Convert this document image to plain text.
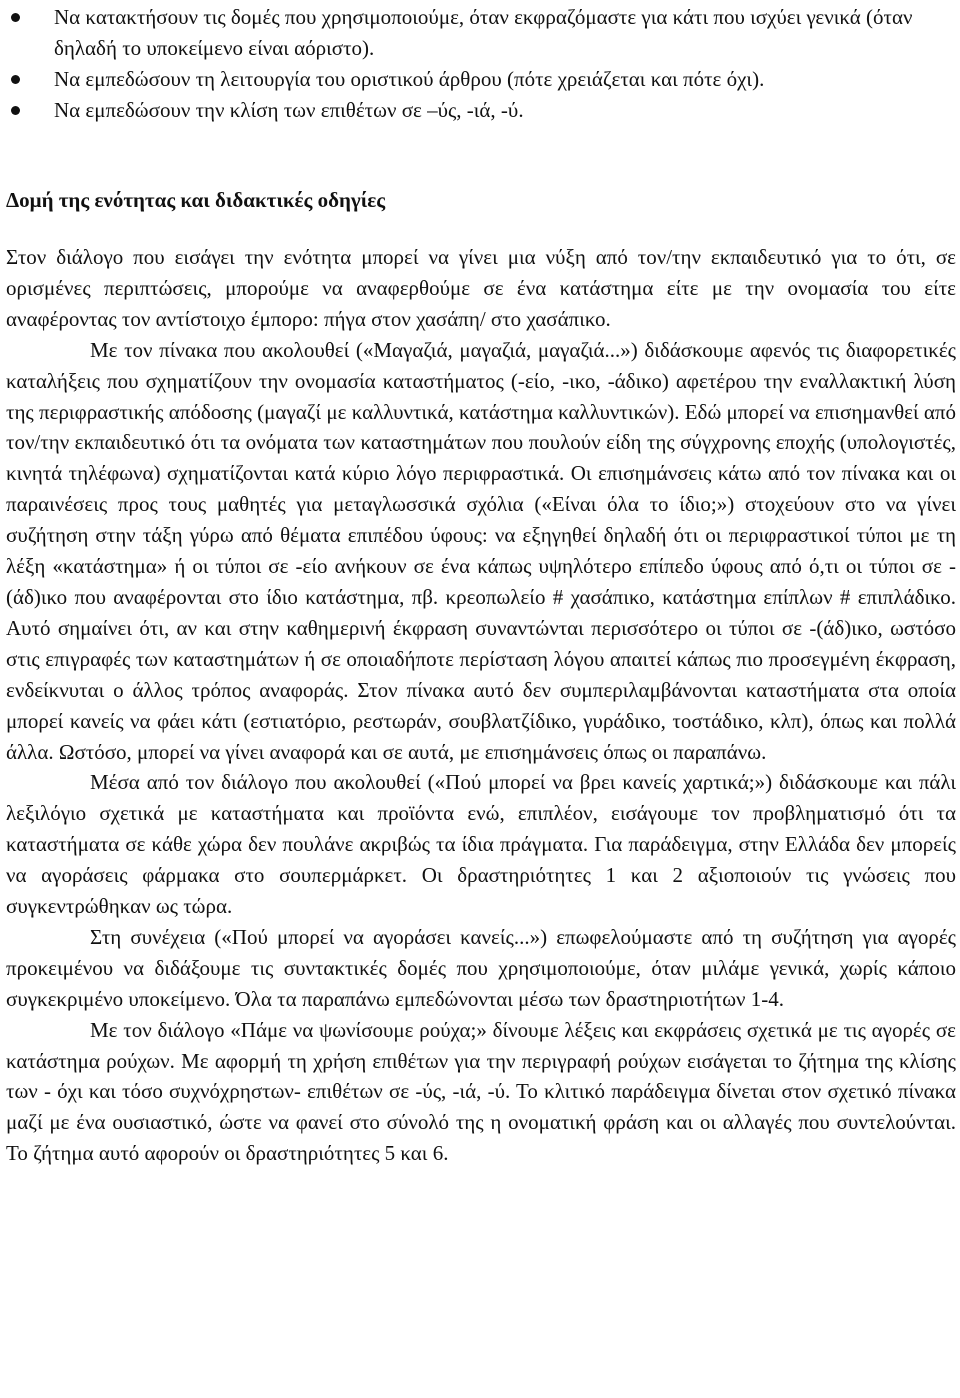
Να κατακτήσουν τις δομές που χρησιμοποιούμε, όταν εκφραζόμαστε για κάτι που ισχύει γενικά (όταν δηλαδή το υποκείμενο είναι αόριστο).
Να εμπεδώσουν τη λειτουργία του οριστικού άρθρου (πότε χρειάζεται και πότε όχι).
Να εμπεδώσουν την κλίση των επιθέτων σε –ύς, -ιά, -ύ.
Δομή της ενότητας και διδακτικές οδηγίες

Στον διάλογο που εισάγει την ενότητα μπορεί να γίνει μια νύξη από τον/την εκπαιδευτικό για το ότι, σε ορισμένες περιπτώσεις, μπορούμε να αναφερθούμε σε ένα κατάστημα είτε με την ονομασία του είτε αναφέροντας τον αντίστοιχο έμπορο: πήγα στον χασάπη/ στο χασάπικο.

Με τον πίνακα που ακολουθεί («Μαγαζιά, μαγαζιά, μαγαζιά...») διδάσκουμε αφενός τις διαφορετικές καταλήξεις που σχηματίζουν την ονομασία καταστήματος (-είο, -ικο, -άδικο) αφετέρου την εναλλακτική λύση της περιφραστικής απόδοσης (μαγαζί με καλλυντικά, κατάστημα καλλυντικών). Εδώ μπορεί να επισημανθεί από τον/την εκπαιδευτικό ότι τα ονόματα των καταστημάτων που πουλούν είδη της σύγχρονης εποχής (υπολογιστές, κινητά τηλέφωνα) σχηματίζονται κατά κύριο λόγο περιφραστικά. Οι επισημάνσεις κάτω από τον πίνακα και οι παραινέσεις προς τους μαθητές για μεταγλωσσικά σχόλια («Είναι όλα το ίδιο;») στοχεύουν στο να γίνει συζήτηση στην τάξη γύρω από θέματα επιπέδου ύφους: να εξηγηθεί δηλαδή ότι οι περιφραστικοί τύποι με τη λέξη «κατάστημα» ή οι τύποι σε -είο ανήκουν σε ένα κάπως υψηλότερο επίπεδο ύφους από ό,τι οι τύποι σε -(άδ)ικο που αναφέρονται στο ίδιο κατάστημα, πβ. κρεοπωλείο # χασάπικο, κατάστημα επίπλων # επιπλάδικο. Αυτό σημαίνει ότι, αν και στην καθημερινή έκφραση συναντώνται περισσότερο οι τύποι σε -(άδ)ικο, ωστόσο στις επιγραφές των καταστημάτων ή σε οποιαδήποτε περίσταση λόγου απαιτεί κάπως πιο προσεγμένη έκφραση, ενδείκνυται ο άλλος τρόπος αναφοράς. Στον πίνακα αυτό δεν συμπεριλαμβάνονται καταστήματα στα οποία μπορεί κανείς να φάει κάτι (εστιατόριο, ρεστωράν, σουβλατζίδικο, γυράδικο, τοστάδικο, κλπ), όπως και πολλά άλλα. Ωστόσο, μπορεί να γίνει αναφορά και σε αυτά, με επισημάνσεις όπως οι παραπάνω.

Μέσα από τον διάλογο που ακολουθεί («Πού μπορεί να βρει κανείς χαρτικά;») διδάσκουμε και πάλι λεξιλόγιο σχετικά με καταστήματα και προϊόντα ενώ, επιπλέον, εισάγουμε τον προβληματισμό ότι τα καταστήματα σε κάθε χώρα δεν πουλάνε ακριβώς τα ίδια πράγματα. Για παράδειγμα, στην Ελλάδα δεν μπορείς να αγοράσεις φάρμακα στο σουπερμάρκετ. Οι δραστηριότητες 1 και 2 αξιοποιούν τις γνώσεις που συγκεντρώθηκαν ως τώρα.

Στη συνέχεια («Πού μπορεί να αγοράσει κανείς...») επωφελούμαστε από τη συζήτηση για αγορές προκειμένου να διδάξουμε τις συντακτικές δομές που χρησιμοποιούμε, όταν μιλάμε γενικά, χωρίς κάποιο συγκεκριμένο υποκείμενο. Όλα τα παραπάνω εμπεδώνονται μέσω των δραστηριοτήτων 1-4.

Με τον διάλογο «Πάμε να ψωνίσουμε ρούχα;» δίνουμε λέξεις και εκφράσεις σχετικά με τις αγορές σε κατάστημα ρούχων. Με αφορμή τη χρήση επιθέτων για την περιγραφή ρούχων εισάγεται το ζήτημα της κλίσης των - όχι και τόσο συχνόχρηστων- επιθέτων σε -ύς, -ιά, -ύ. Το κλιτικό παράδειγμα δίνεται στον σχετικό πίνακα μαζί με ένα ουσιαστικό, ώστε να φανεί στο σύνολό της η ονοματική φράση και οι αλλαγές που συντελούνται. Το ζήτημα αυτό αφορούν οι δραστηριότητες 5 και 6.
